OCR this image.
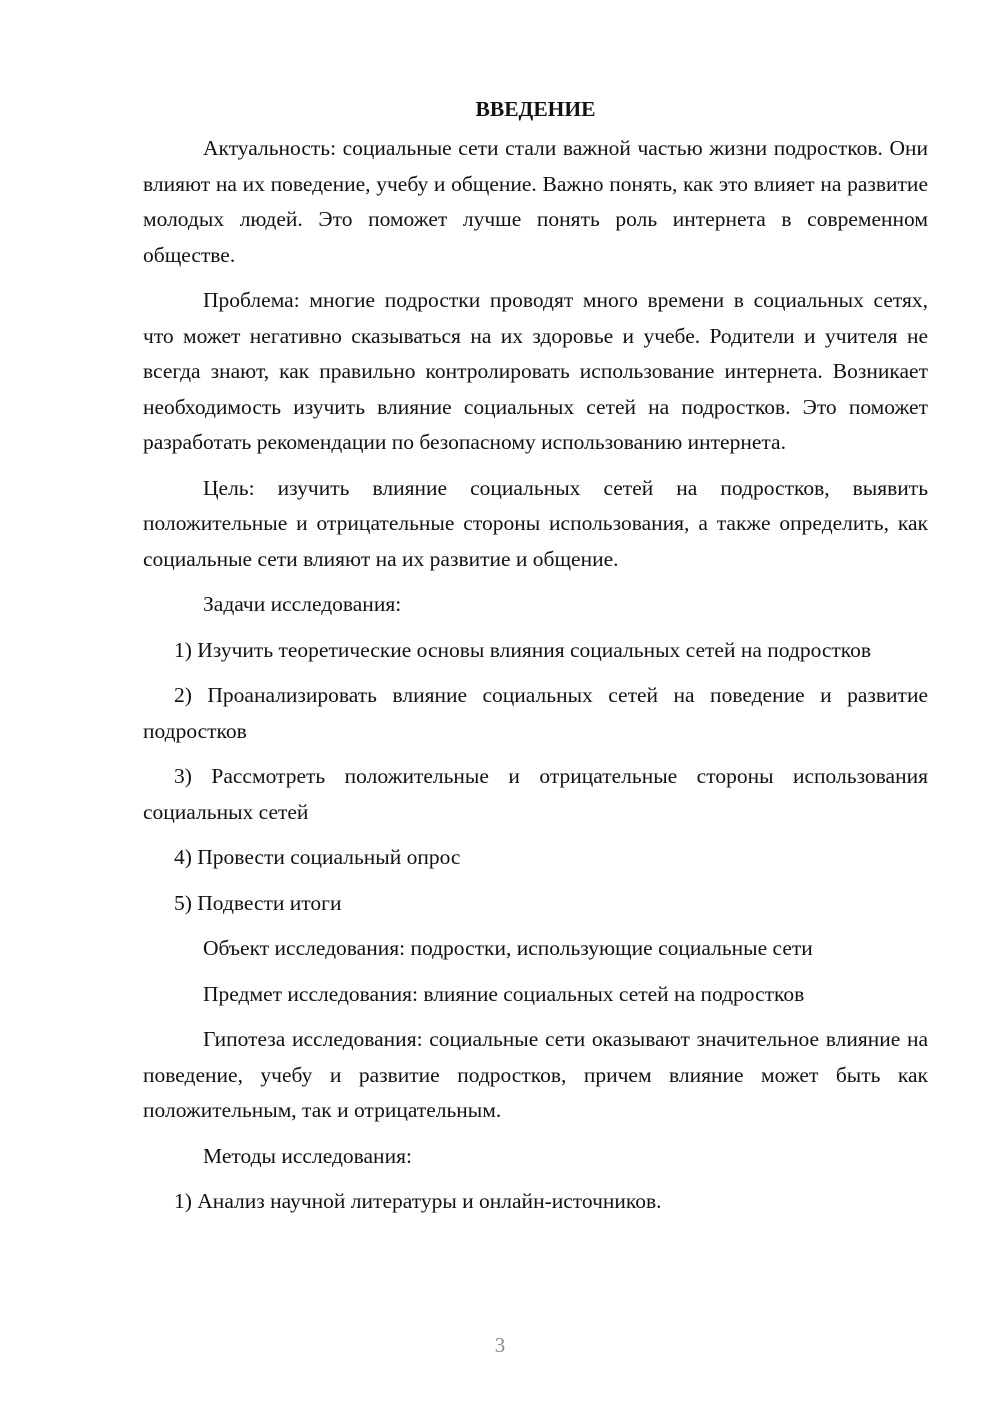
ВВЕДЕНИЕ

Актуальность: социальные сети стали важной частью жизни подростков. Они влияют на их поведение, учебу и общение. Важно понять, как это влияет на развитие молодых людей. Это поможет лучше понять роль интернета в современном обществе.

Проблема: многие подростки проводят много времени в социальных сетях, что может негативно сказываться на их здоровье и учебе. Родители и учителя не всегда знают, как правильно контролировать использование интернета. Возникает необходимость изучить влияние социальных сетей на подростков. Это поможет разработать рекомендации по безопасному использованию интернета.

Цель: изучить влияние социальных сетей на подростков, выявить положительные и отрицательные стороны использования, а также определить, как социальные сети влияют на их развитие и общение.

Задачи исследования:

1) Изучить теоретические основы влияния социальных сетей на подростков

2) Проанализировать влияние социальных сетей на поведение и развитие подростков

3) Рассмотреть положительные и отрицательные стороны использования социальных сетей

4) Провести социальный опрос

5) Подвести итоги

Объект исследования: подростки, использующие социальные сети

Предмет исследования: влияние социальных сетей на подростков

Гипотеза исследования: социальные сети оказывают значительное влияние на поведение, учебу и развитие подростков, причем влияние может быть как положительным, так и отрицательным.

Методы исследования:

1) Анализ научной литературы и онлайн-источников.

3
